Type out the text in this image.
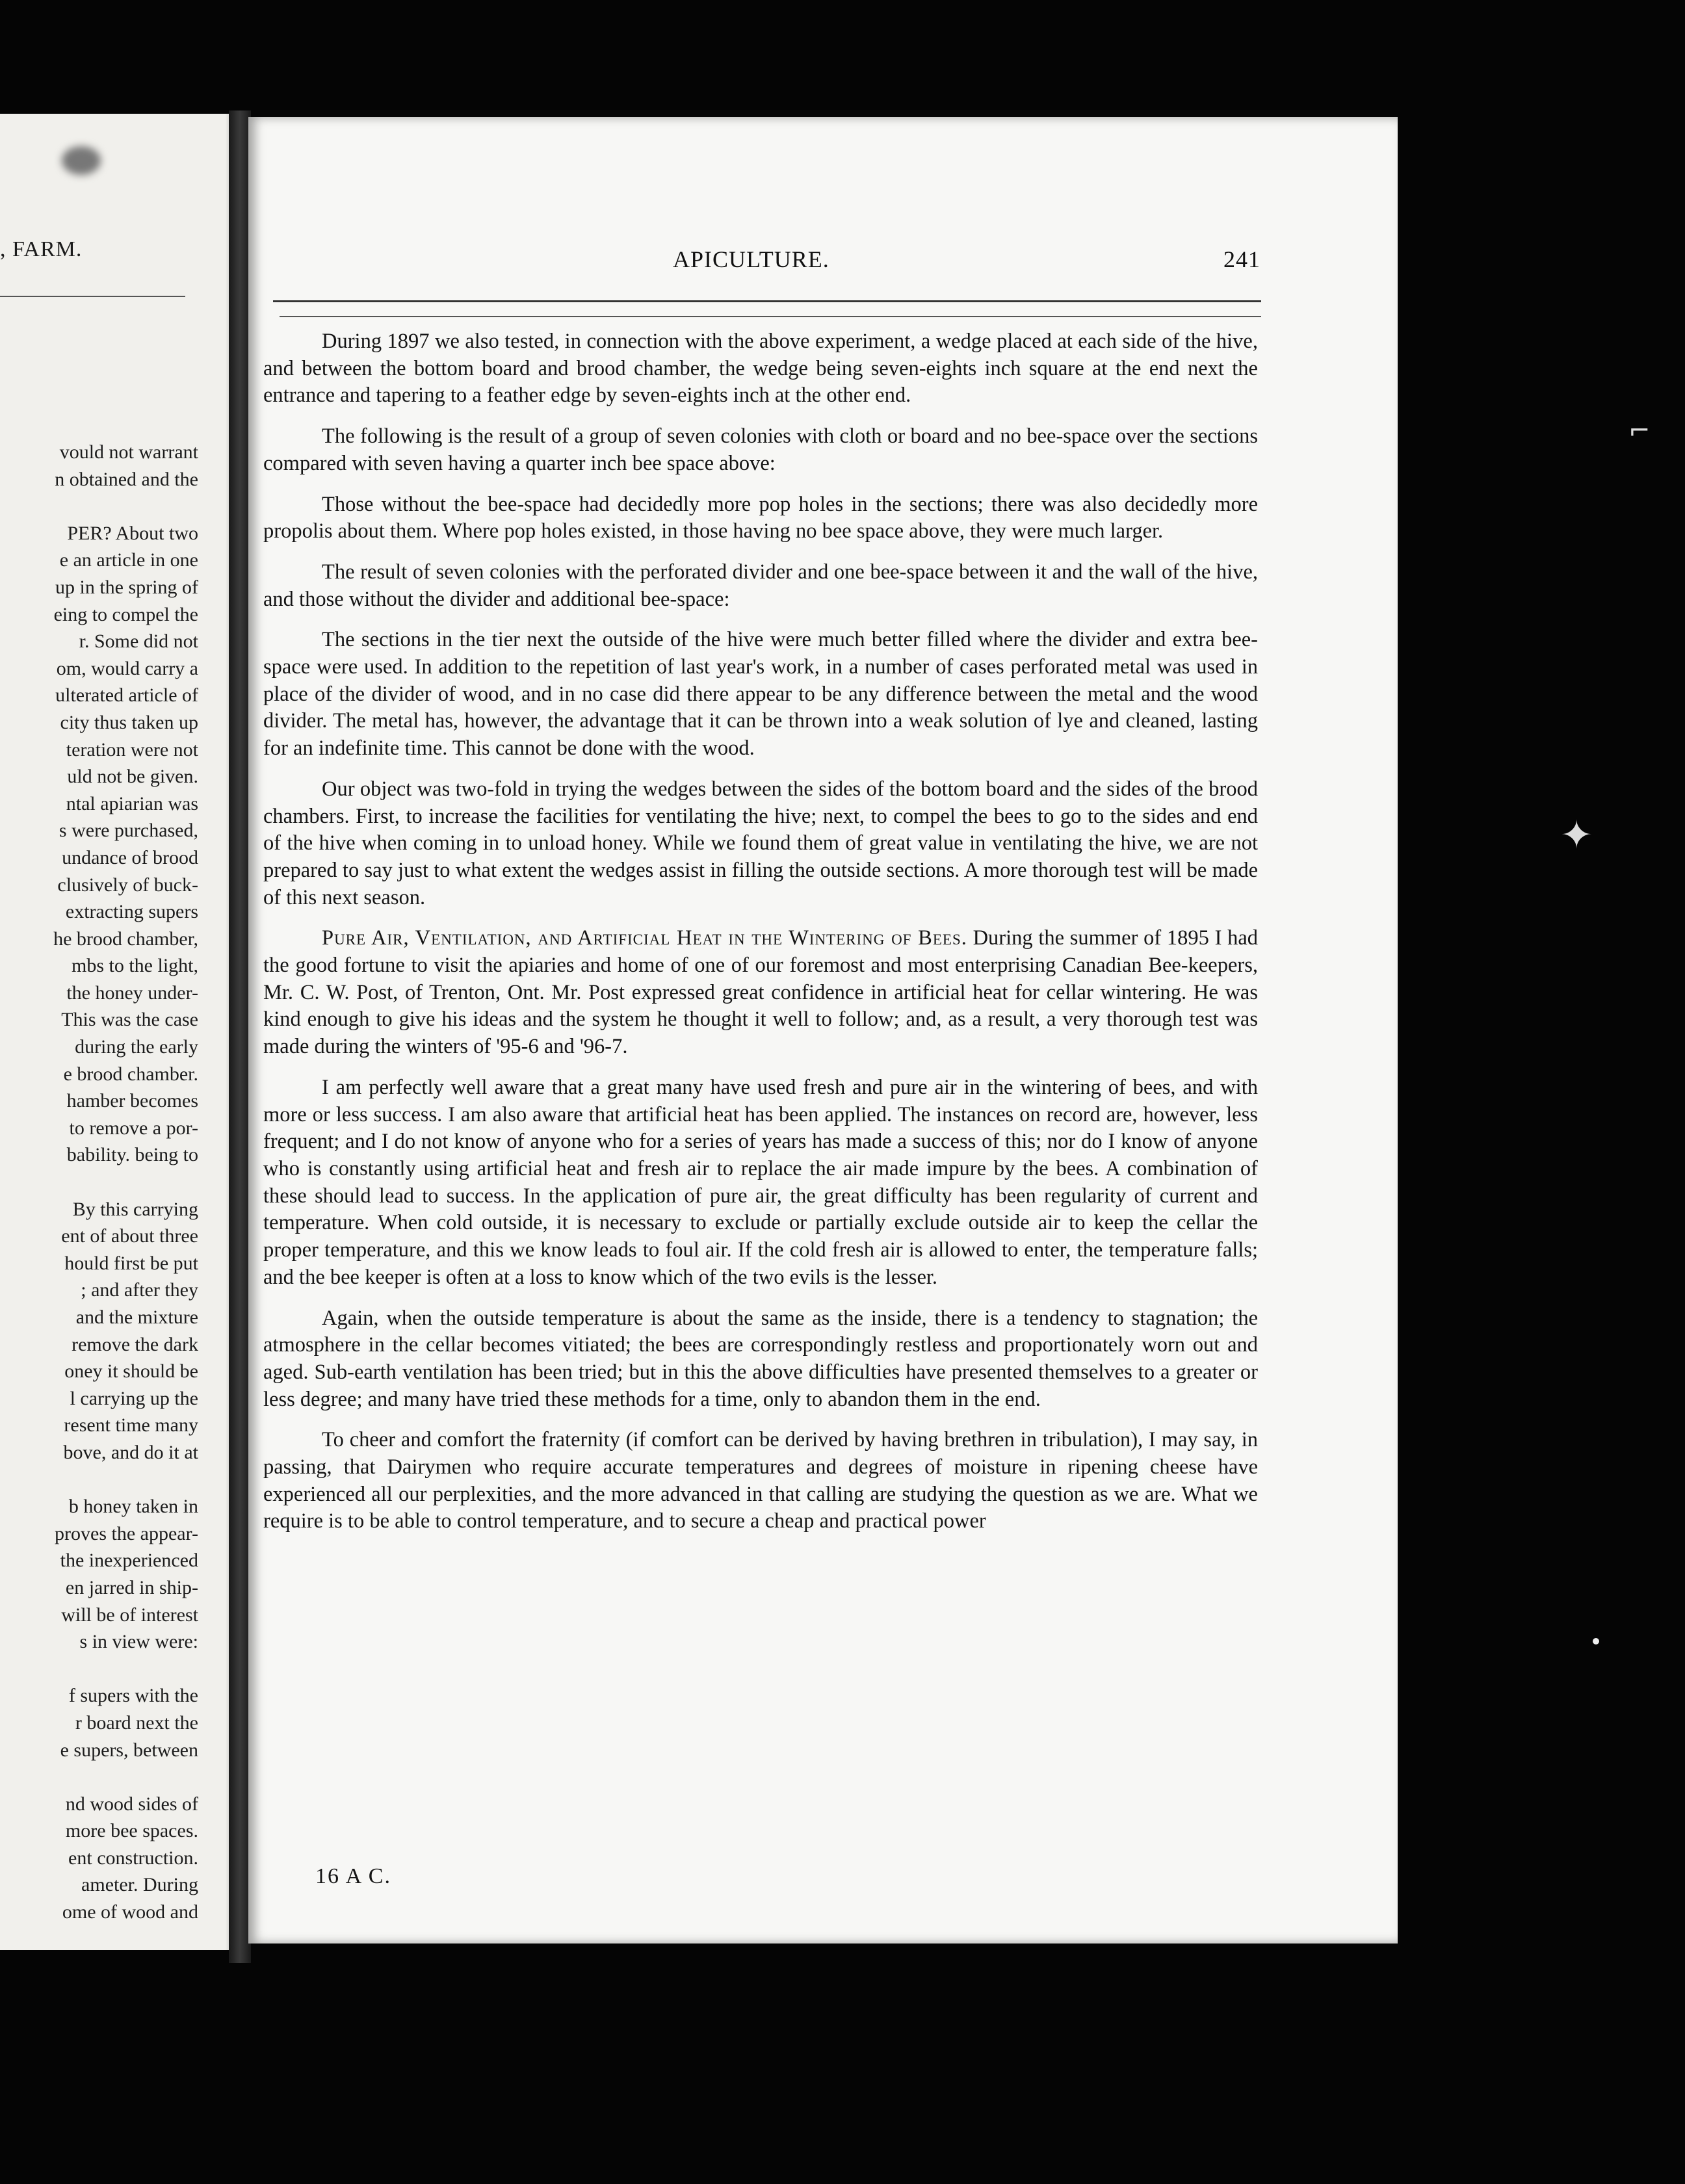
, FARM.
vould not warrant
n obtained and the

PER? About two
e an article in one
up in the spring of
eing to compel the
r. Some did not
om, would carry a
ulterated article of
city thus taken up
teration were not
uld not be given.
ntal apiarian was
s were purchased,
undance of brood
clusively of buck-
extracting supers
he brood chamber,
mbs to the light,
the honey under-
This was the case
during the early
e brood chamber.
hamber becomes
to remove a por-
bability. being to

By this carrying
ent of about three
hould first be put
; and after they
and the mixture
remove the dark
oney it should be
l carrying up the
resent time many
bove, and do it at

b honey taken in
proves the appear-
the inexperienced
en jarred in ship-
will be of interest
s in view were:

f supers with the
r board next the
e supers, between

nd wood sides of
more bee spaces.
ent construction.
ameter. During
ome of wood and
APICULTURE.	241

During 1897 we also tested, in connection with the above experiment, a wedge placed at each side of the hive, and between the bottom board and brood chamber, the wedge being seven-eights inch square at the end next the entrance and tapering to a feather edge by seven-eights inch at the other end.

The following is the result of a group of seven colonies with cloth or board and no bee-space over the sections compared with seven having a quarter inch bee space above:

Those without the bee-space had decidedly more pop holes in the sections; there was also decidedly more propolis about them. Where pop holes existed, in those having no bee space above, they were much larger.

The result of seven colonies with the perforated divider and one bee-space between it and the wall of the hive, and those without the divider and additional bee-space:

The sections in the tier next the outside of the hive were much better filled where the divider and extra bee-space were used. In addition to the repetition of last year's work, in a number of cases perforated metal was used in place of the divider of wood, and in no case did there appear to be any difference between the metal and the wood divider. The metal has, however, the advantage that it can be thrown into a weak solution of lye and cleaned, lasting for an indefinite time. This cannot be done with the wood.

Our object was two-fold in trying the wedges between the sides of the bottom board and the sides of the brood chambers. First, to increase the facilities for ventilating the hive; next, to compel the bees to go to the sides and end of the hive when coming in to unload honey. While we found them of great value in ventilating the hive, we are not prepared to say just to what extent the wedges assist in filling the outside sections. A more thorough test will be made of this next season.

Pure Air, Ventilation, and Artificial Heat in the Wintering of Bees. During the summer of 1895 I had the good fortune to visit the apiaries and home of one of our foremost and most enterprising Canadian Bee-keepers, Mr. C. W. Post, of Trenton, Ont. Mr. Post expressed great confidence in artificial heat for cellar wintering. He was kind enough to give his ideas and the system he thought it well to follow; and, as a result, a very thorough test was made during the winters of '95-6 and '96-7.

I am perfectly well aware that a great many have used fresh and pure air in the wintering of bees, and with more or less success. I am also aware that artificial heat has been applied. The instances on record are, however, less frequent; and I do not know of anyone who for a series of years has made a success of this; nor do I know of anyone who is constantly using artificial heat and fresh air to replace the air made impure by the bees. A combination of these should lead to success. In the application of pure air, the great difficulty has been regularity of current and temperature. When cold outside, it is necessary to exclude or partially exclude outside air to keep the cellar the proper temperature, and this we know leads to foul air. If the cold fresh air is allowed to enter, the temperature falls; and the bee keeper is often at a loss to know which of the two evils is the lesser.

Again, when the outside temperature is about the same as the inside, there is a tendency to stagnation; the atmosphere in the cellar becomes vitiated; the bees are correspondingly restless and proportionately worn out and aged. Sub-earth ventilation has been tried; but in this the above difficulties have presented themselves to a greater or less degree; and many have tried these methods for a time, only to abandon them in the end.

To cheer and comfort the fraternity (if comfort can be derived by having brethren in tribulation), I may say, in passing, that Dairymen who require accurate temperatures and degrees of moisture in ripening cheese have experienced all our perplexities, and the more advanced in that calling are studying the question as we are. What we require is to be able to control temperature, and to secure a cheap and practical power

16 A C.
⌐
✦
